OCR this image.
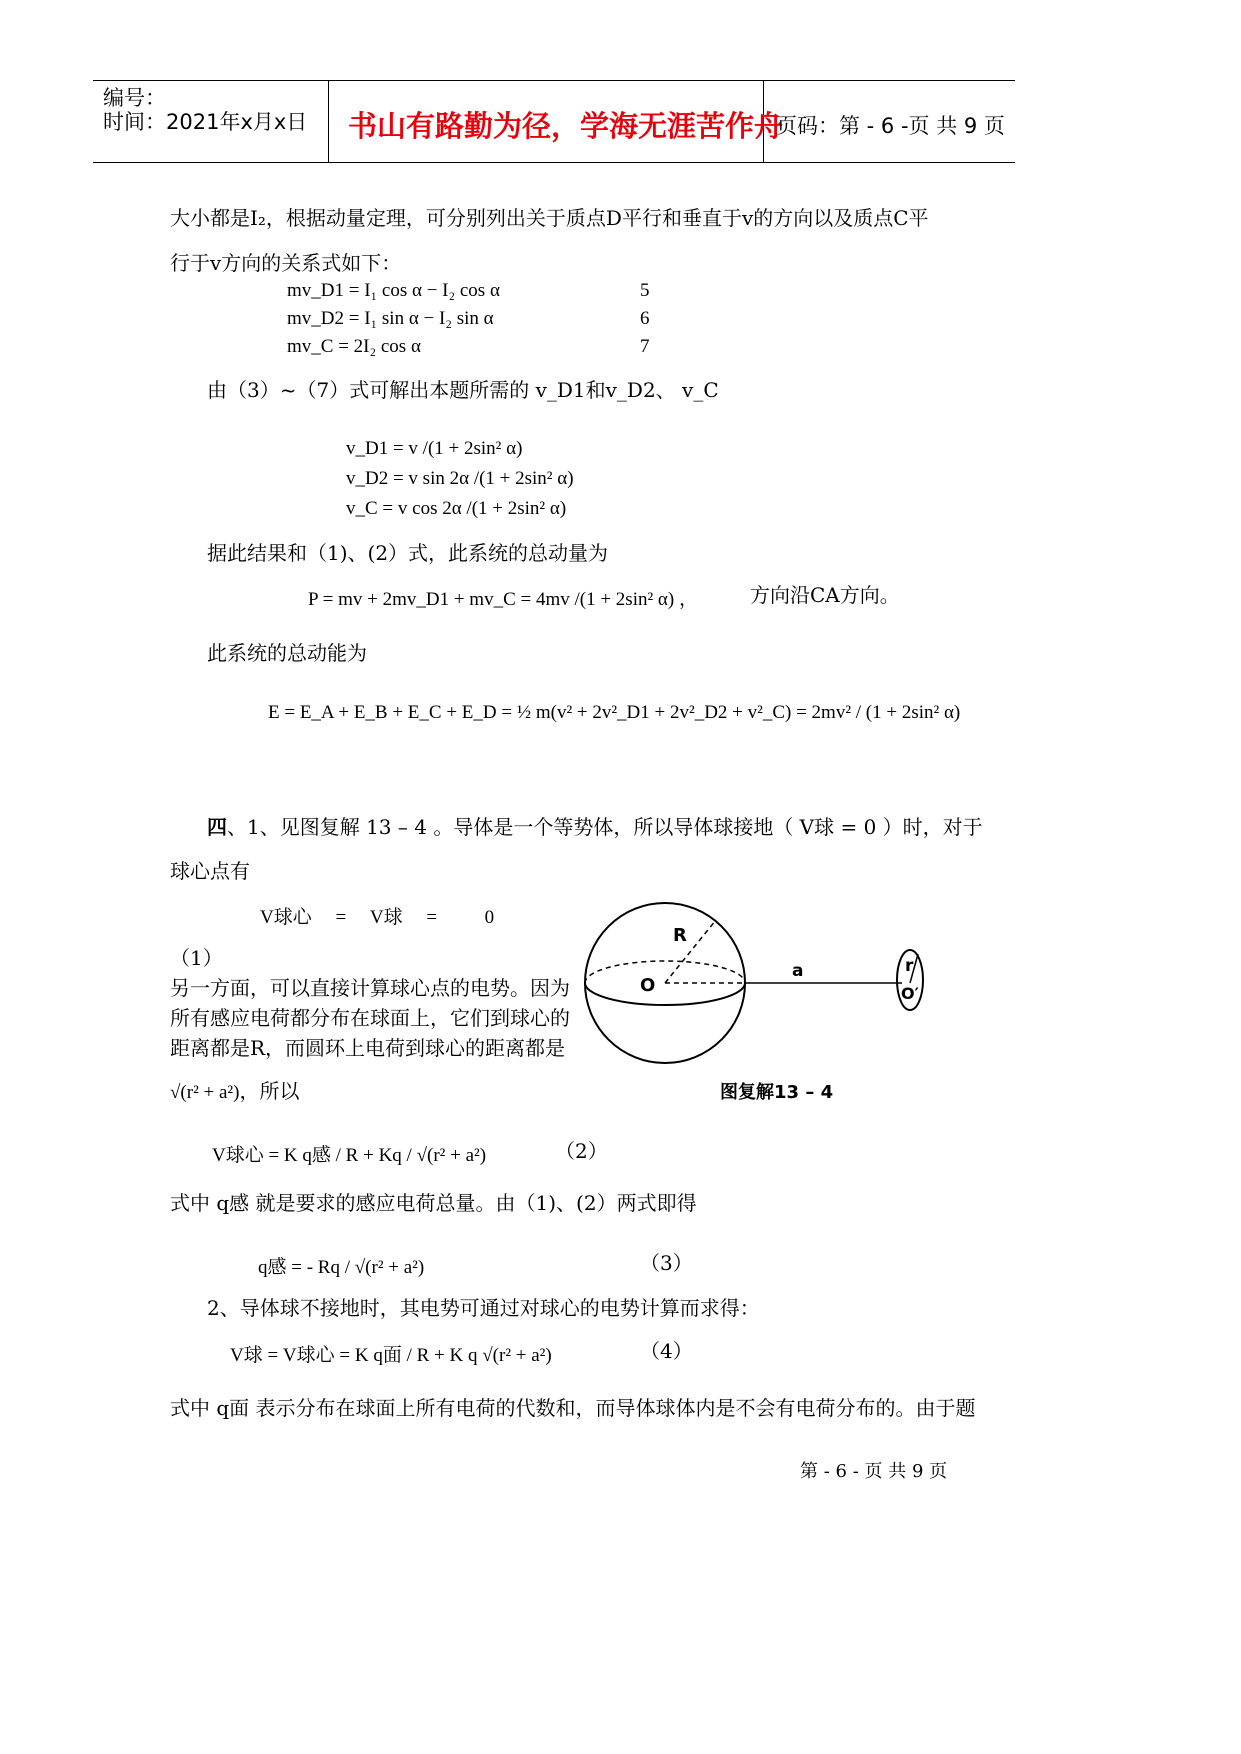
编号：
时间：2021年x月x日 书山有路勤为径，学海无涯苦作舟
页码：第 - 6 -页 共 9 页
大小都是I₂，根据动量定理，可分别列出关于质点D平行和垂直于v的方向以及质点C平
行于v方向的关系式如下：
mv_D1 = I₁ cos α − I₂ cos α	5
mv_D2 = I₁ sin α − I₂ sin α	6
mv_C = 2I₂ cos α	7
由（3）~（7）式可解出本题所需的 v_D1和v_D2、 v_C
v_D1 = v /(1 + 2sin² α)
v_D2 = v sin 2α /(1 + 2sin² α)
v_C = v cos 2α /(1 + 2sin² α)
据此结果和（1)、(2）式，此系统的总动量为
P = mv + 2mv_D1 + mv_C = 4mv /(1 + 2sin² α) ，	方向沿CA方向。
此系统的总动能为
E = E_A + E_B + E_C + E_D = ½ m(v² + 2v²_D1 + 2v²_D2 + v²_C) = 2mv² / (1 + 2sin² α)
四、1、见图复解 13 – 4 。导体是一个等势体，所以导体球接地（ V球 = 0 ）时，对于
球心点有
V球心     =     V球     =          0
（1）
另一方面，可以直接计算球心点的电势。因为
所有感应电荷都分布在球面上，它们到球心的
距离都是R，而圆环上电荷到球心的距离都是
√(r² + a²)，所以
R
O
a	r
O′
图复解13 – 4
V球心 = K q感 / R + Kq / √(r² + a²)	（2）
式中 q感 就是要求的感应电荷总量。由（1)、(2）两式即得
q感 = - Rq / √(r² + a²)	（3）
2、导体球不接地时，其电势可通过对球心的电势计算而求得：
V球 = V球心 = K q面 / R + K q √(r² + a²)	（4）
式中 q面 表示分布在球面上所有电荷的代数和，而导体球体内是不会有电荷分布的。由于题
第 - 6 - 页 共 9 页
